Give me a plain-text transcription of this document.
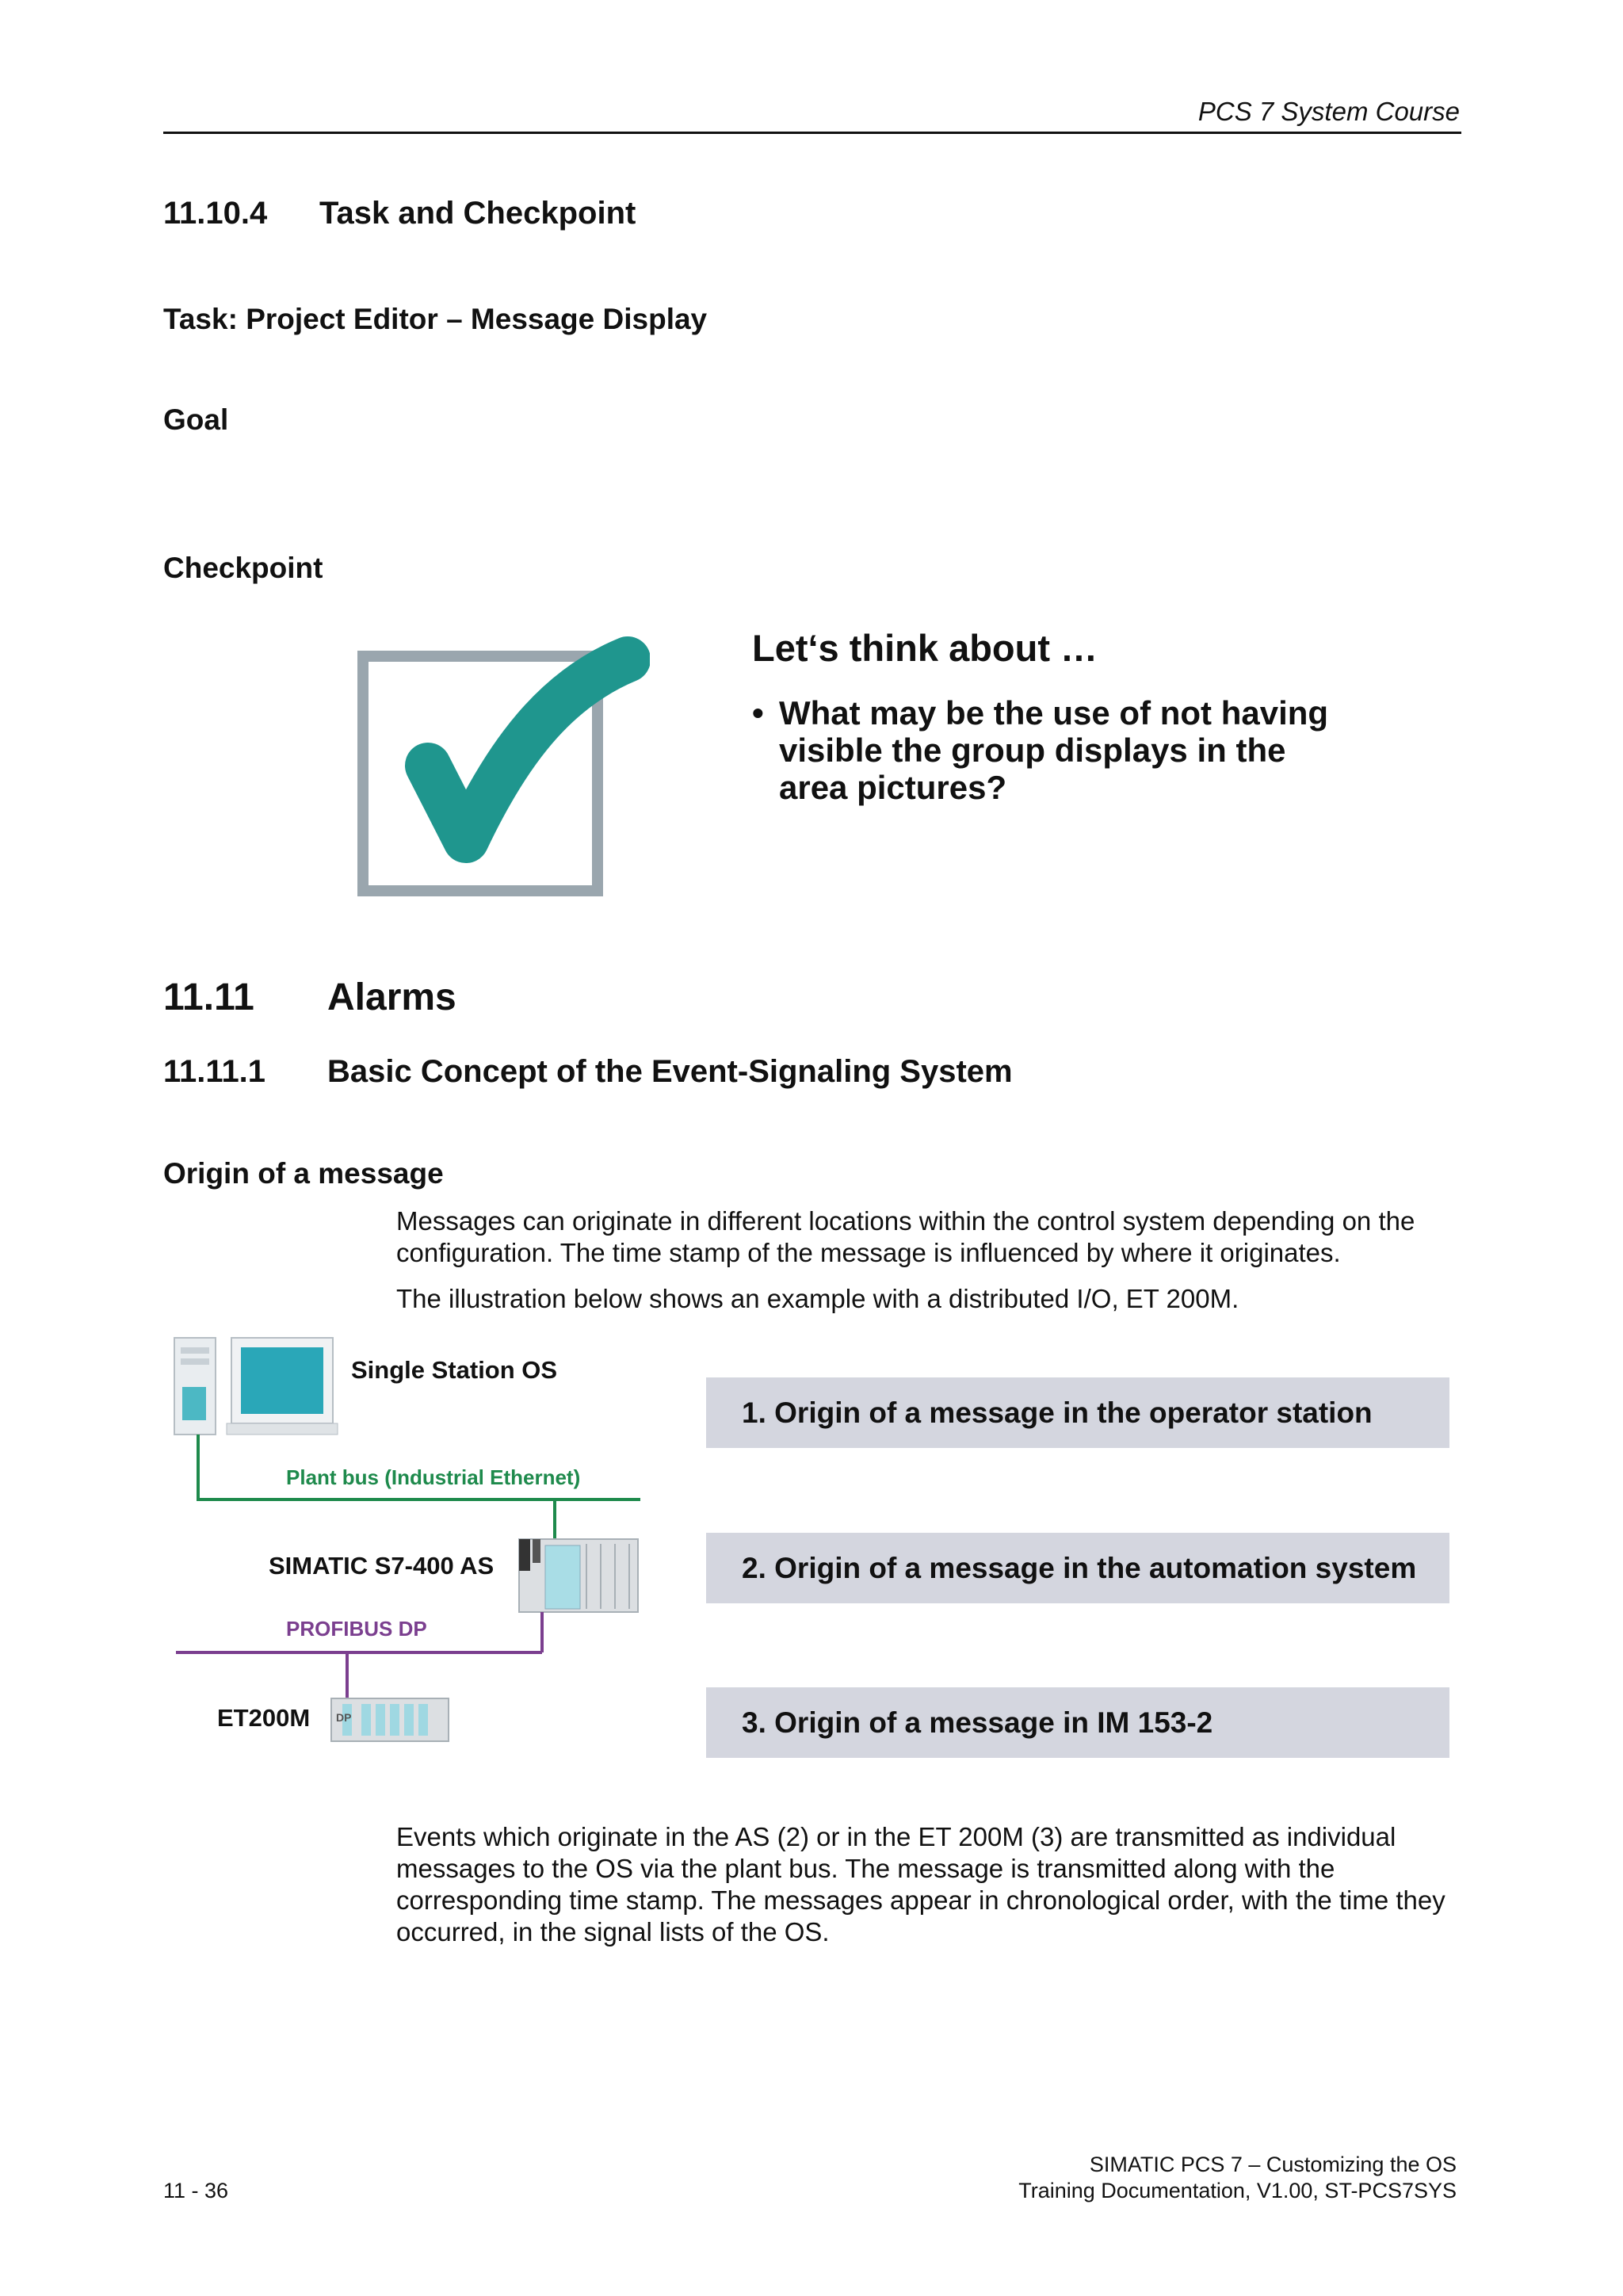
PCS 7 System Course
11.10.4 Task and Checkpoint
Task: Project Editor – Message Display
Goal
Checkpoint
Let‘s think about …
• What may be the use of not having visible the group displays in the area pictures?
11.11 Alarms
11.11.1 Basic Concept of the Event-Signaling System
Origin of a message

Messages can originate in different locations within the control system depending on the configuration. The time stamp of the message is influenced by where it originates.

The illustration below shows an example with a distributed I/O, ET 200M.

DP
Single Station OS
Plant bus (Industrial Ethernet)
SIMATIC S7-400 AS
PROFIBUS DP
ET200M
1. Origin of a message in the operator station
2. Origin of a message in the automation system
3. Origin of a message in IM 153-2
Events which originate in the AS (2) or in the ET 200M (3) are transmitted as individual messages to the OS via the plant bus. The message is transmitted along with the corresponding time stamp. The messages appear in chronological order, with the time they occurred, in the signal lists of the OS.
11 - 36
SIMATIC PCS 7 – Customizing the OS
Training Documentation, V1.00, ST-PCS7SYS
